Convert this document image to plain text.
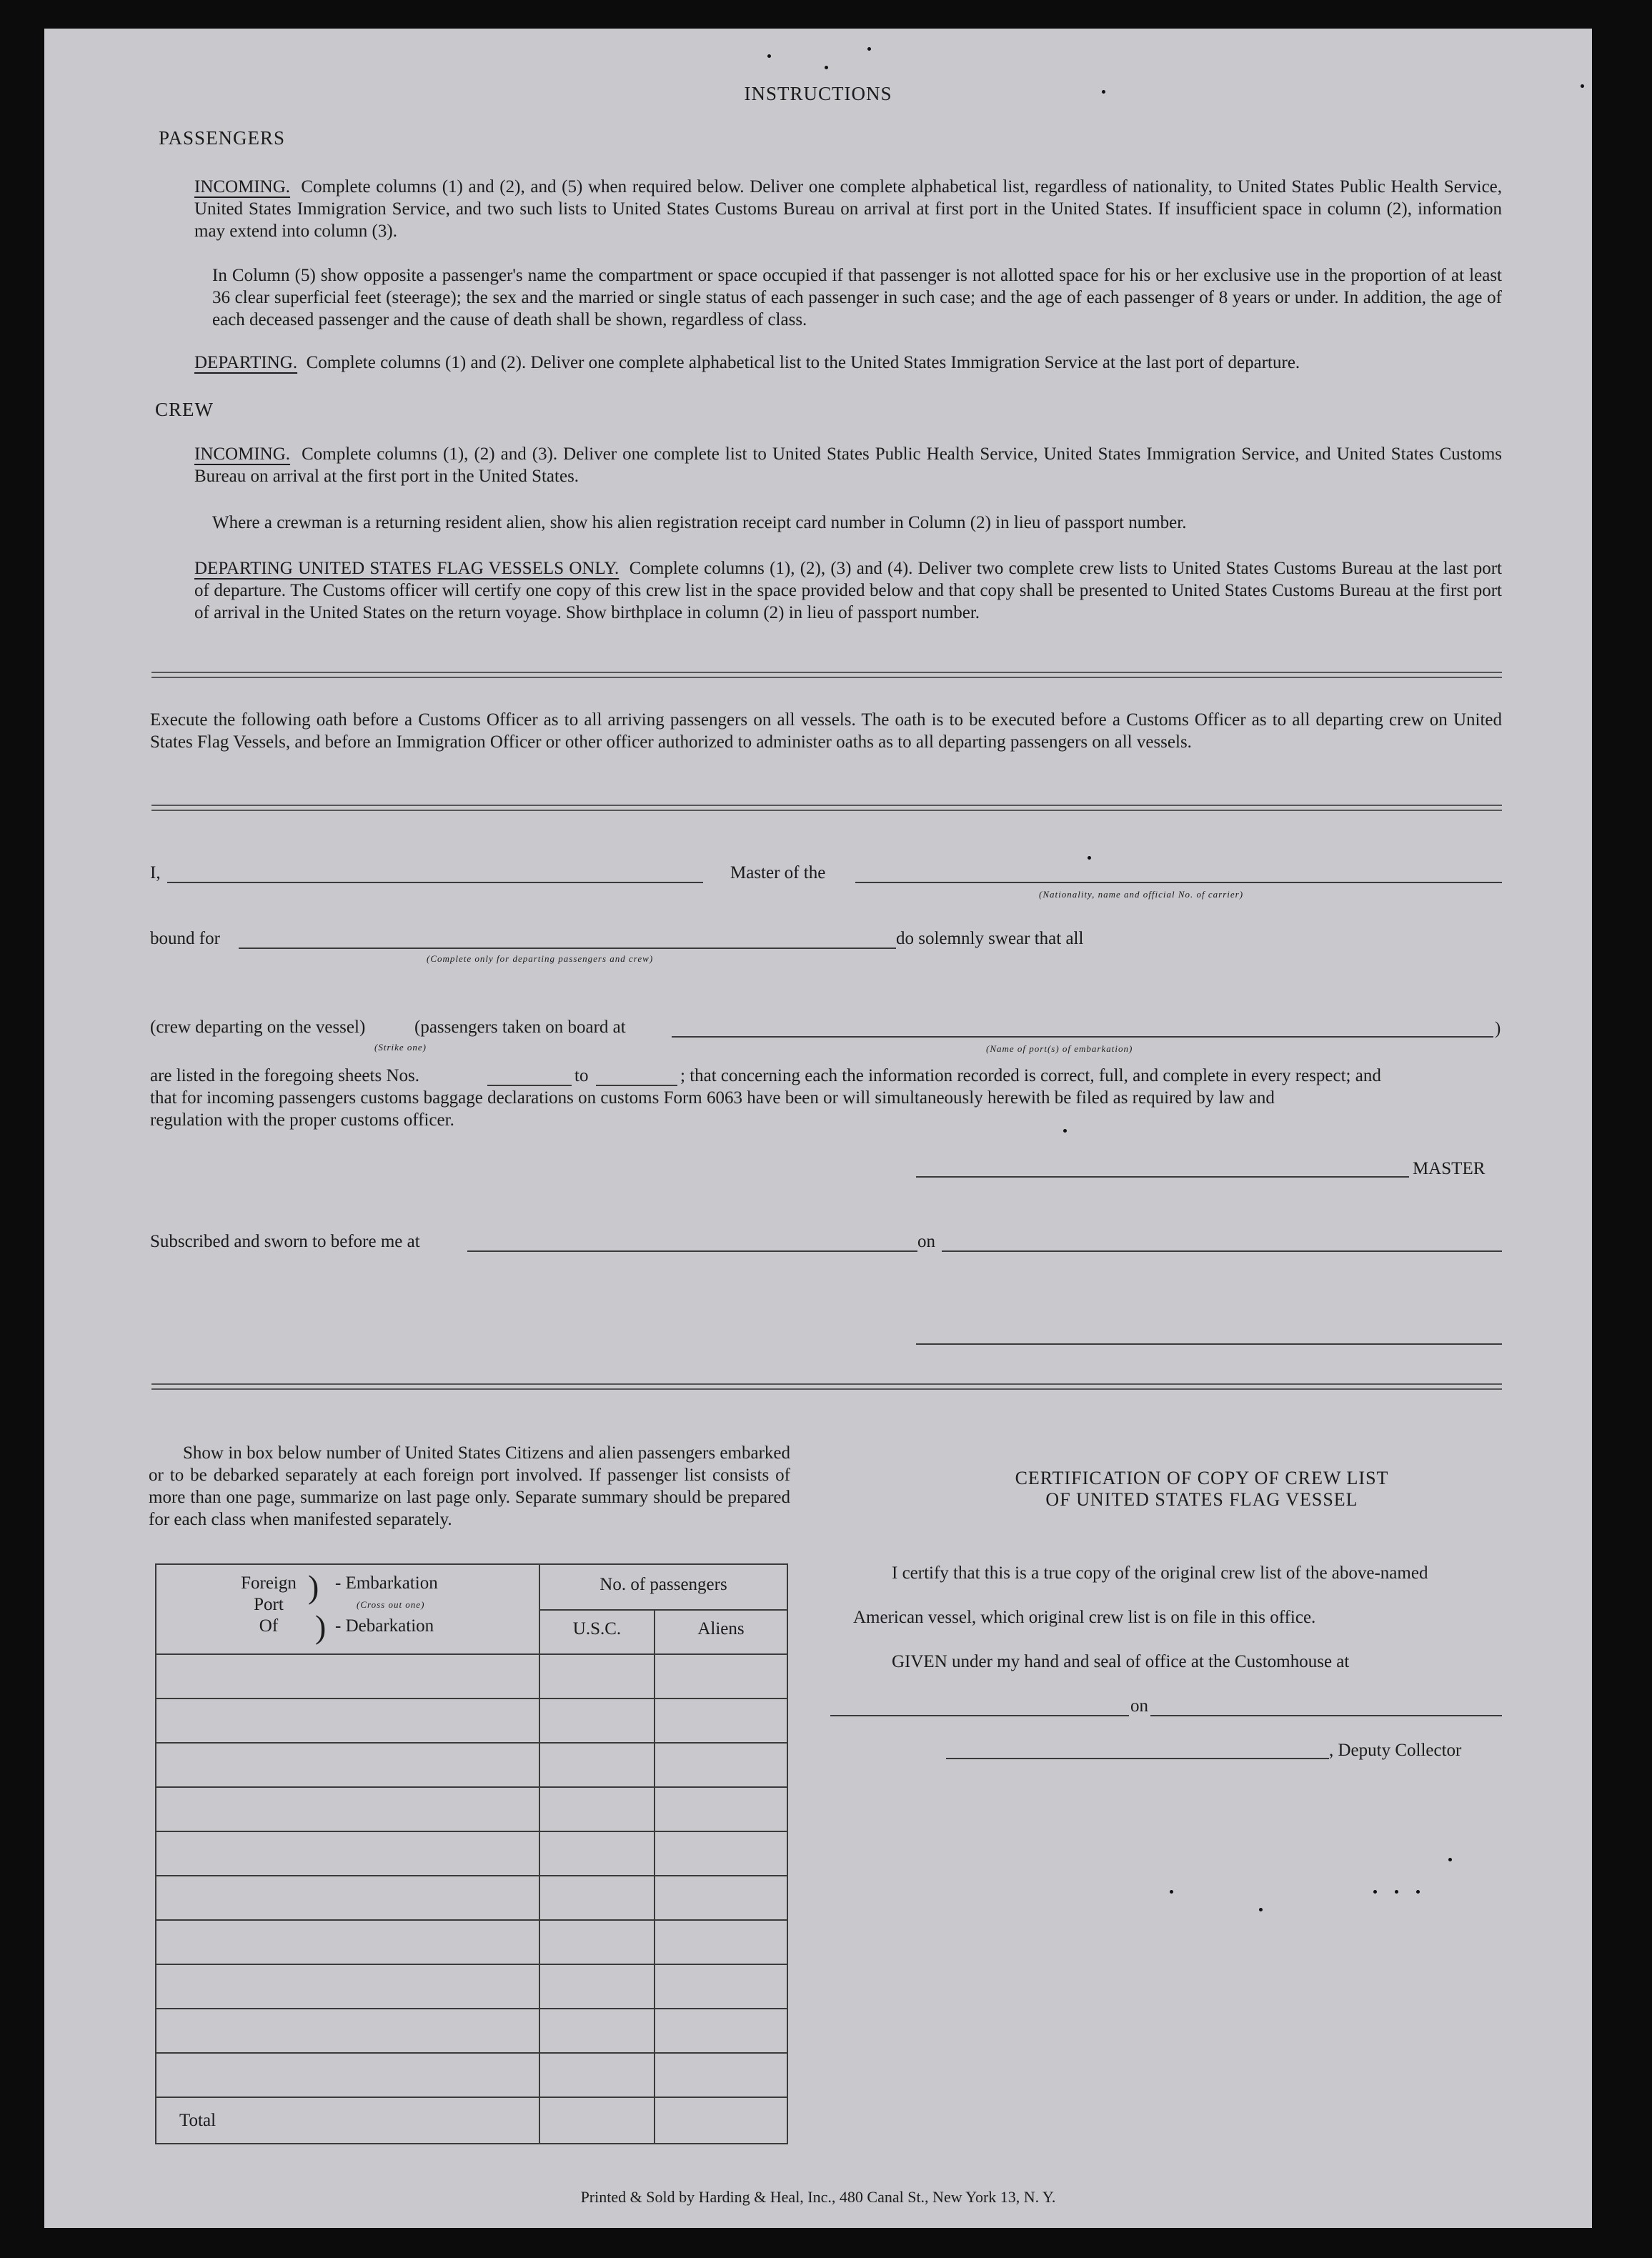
INSTRUCTIONS
PASSENGERS
INCOMING. Complete columns (1) and (2), and (5) when required below. Deliver one complete alphabetical list, regardless of nationality, to United States Public Health Service, United States Immigration Service, and two such lists to United States Customs Bureau on arrival at first port in the United States. If insufficient space in column (2), information may extend into column (3).
In Column (5) show opposite a passenger's name the compartment or space occupied if that passenger is not allotted space for his or her exclusive use in the proportion of at least 36 clear superficial feet (steerage); the sex and the married or single status of each passenger in such case; and the age of each passenger of 8 years or under. In addition, the age of each deceased passenger and the cause of death shall be shown, regardless of class.
DEPARTING. Complete columns (1) and (2). Deliver one complete alphabetical list to the United States Immigration Service at the last port of departure.
CREW
INCOMING. Complete columns (1), (2) and (3). Deliver one complete list to United States Public Health Service, United States Immigration Service, and United States Customs Bureau on arrival at the first port in the United States.
Where a crewman is a returning resident alien, show his alien registration receipt card number in Column (2) in lieu of passport number.
DEPARTING UNITED STATES FLAG VESSELS ONLY. Complete columns (1), (2), (3) and (4). Deliver two complete crew lists to United States Customs Bureau at the last port of departure. The Customs officer will certify one copy of this crew list in the space provided below and that copy shall be presented to United States Customs Bureau at the first port of arrival in the United States on the return voyage. Show birthplace in column (2) in lieu of passport number.
Execute the following oath before a Customs Officer as to all arriving passengers on all vessels. The oath is to be executed before a Customs Officer as to all departing crew on United States Flag Vessels, and before an Immigration Officer or other officer authorized to administer oaths as to all departing passengers on all vessels.
I,	Master of the
(Nationality, name and official No. of carrier)
bound for
(Complete only for departing passengers and crew)
do solemnly swear that all
(crew departing on the vessel)	(passengers taken on board at	)
(Strike one)	(Name of port(s) of embarkation)
are listed in the foregoing sheets Nos.	to	; that concerning each the information recorded is correct, full, and complete in every respect; and
that for incoming passengers customs baggage declarations on customs Form 6063 have been or will simultaneously herewith be filed as required by law and
regulation with the proper customs officer.
MASTER
Subscribed and sworn to before me at	on
Show in box below number of United States Citizens and alien passengers embarked or to be debarked separately at each foreign port involved. If passenger list consists of more than one page, summarize on last page only. Separate summary should be prepared for each class when manifested separately.
Foreign
Port
Of
)
)
- Embarkation
(Cross out one)
- Debarkation
No. of passengers
U.S.C.	Aliens
Total
CERTIFICATION OF COPY OF CREW LIST
OF UNITED STATES FLAG VESSEL
I certify that this is a true copy of the original crew list of the above-named
American vessel, which original crew list is on file in this office.
GIVEN under my hand and seal of office at the Customhouse at
on
, Deputy Collector
Printed & Sold by Harding & Heal, Inc., 480 Canal St., New York 13, N. Y.
